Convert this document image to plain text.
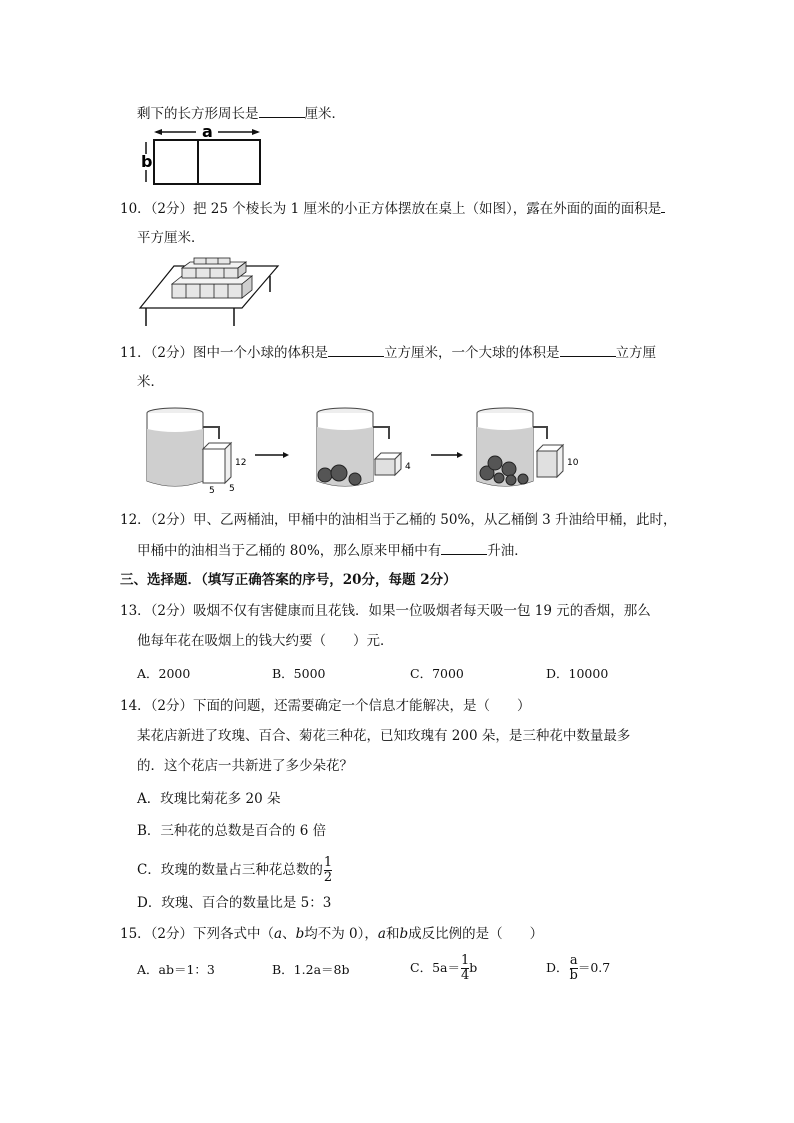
剩下的长方形周长是	厘米．
a
b
10．（2分）把 25 个棱长为 1 厘米的小正方体摆放在桌上（如图），露在外面的面的面积是
平方厘米．
11．（2分）图中一个小球的体积是	立方厘米，一个大球的体积是	立方厘
米．
12
5 5
4	10
12．（2分）甲、乙两桶油，甲桶中的油相当于乙桶的 50%，从乙桶倒 3 升油给甲桶，此时，
甲桶中的油相当于乙桶的 80%，那么原来甲桶中有	升油．
三、选择题．（填写正确答案的序号，20分，每题 2分）
13．（2分）吸烟不仅有害健康而且花钱．如果一位吸烟者每天吸一包 19 元的香烟，那么
他每年花在吸烟上的钱大约要（　　）元．
A．2000	B．5000	C．7000	D．10000
14．（2分）下面的问题，还需要确定一个信息才能解决，是（　　）
某花店新进了玫瑰、百合、菊花三种花，已知玫瑰有 200 朵，是三种花中数量最多
的．这个花店一共新进了多少朵花？
A．玫瑰比菊花多 20 朵
B．三种花的总数是百合的 6 倍
C．玫瑰的数量占三种花总数的 $\frac{1}{2}$
D．玫瑰、百合的数量比是 5：3
15．（2分）下列各式中（a、b均不为 0），a和b成反比例的是（　　）
A．ab＝1：3	B．1.2a＝8b	C．$5a= \frac{1}{4}$ b	D． $\frac{a}{b} =0.7$
